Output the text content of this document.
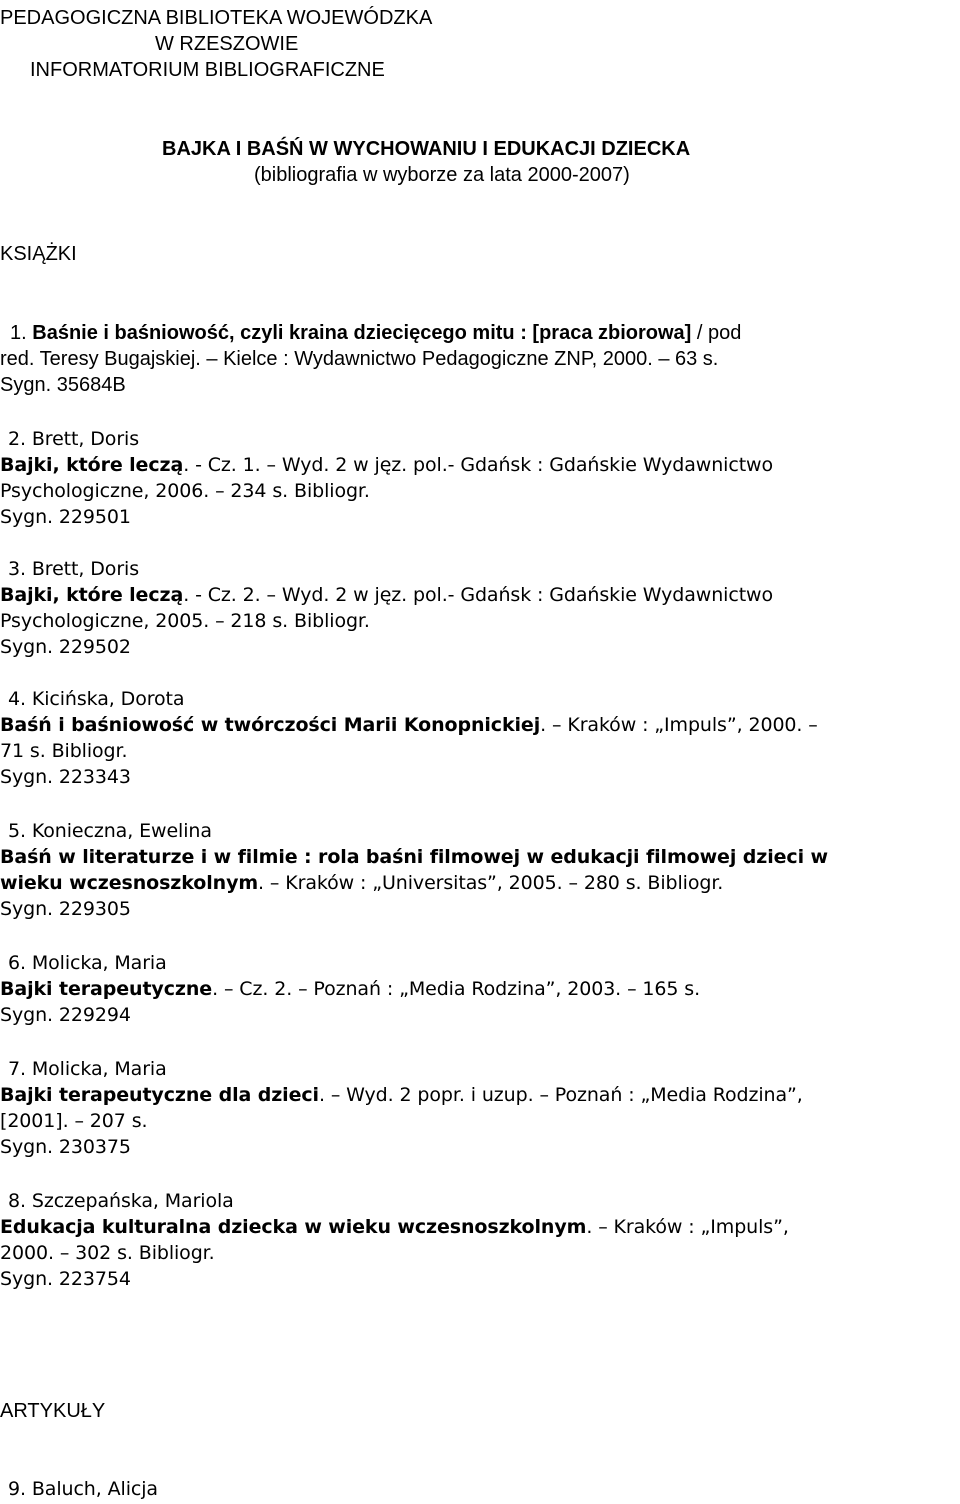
PEDAGOGICZNA BIBLIOTEKA WOJEWÓDZKA
W RZESZOWIE
INFORMATORIUM BIBLIOGRAFICZNE
BAJKA I BAŚŃ W WYCHOWANIU I EDUKACJI DZIECKA
(bibliografia w wyborze za lata 2000-2007)
KSIĄŻKI
1. Baśnie i baśniowość, czyli kraina dziecięcego mitu : [praca zbiorowa] / pod
red. Teresy Bugajskiej. – Kielce : Wydawnictwo Pedagogiczne ZNP, 2000. – 63 s.
Sygn. 35684B
2. Brett, Doris
Bajki, które leczą. - Cz. 1. – Wyd. 2 w jęz. pol.- Gdańsk : Gdańskie Wydawnictwo
Psychologiczne, 2006. – 234 s. Bibliogr.
Sygn. 229501
3. Brett, Doris
Bajki, które leczą. - Cz. 2. – Wyd. 2 w jęz. pol.- Gdańsk : Gdańskie Wydawnictwo
Psychologiczne, 2005. – 218 s. Bibliogr.
Sygn. 229502
4. Kicińska, Dorota
Baśń i baśniowość w twórczości Marii Konopnickiej. – Kraków : „Impuls”, 2000. –
71 s. Bibliogr.
Sygn. 223343
5. Konieczna, Ewelina
Baśń w literaturze i w filmie : rola baśni filmowej w edukacji filmowej dzieci w
wieku wczesnoszkolnym. – Kraków : „Universitas”, 2005. – 280 s. Bibliogr.
Sygn. 229305
6. Molicka, Maria
Bajki terapeutyczne. – Cz. 2. – Poznań : „Media Rodzina”, 2003. – 165 s.
Sygn. 229294
7. Molicka, Maria
Bajki terapeutyczne dla dzieci. – Wyd. 2 popr. i uzup. – Poznań : „Media Rodzina”,
[2001]. – 207 s.
Sygn. 230375
8. Szczepańska, Mariola
Edukacja kulturalna dziecka w wieku wczesnoszkolnym. – Kraków : „Impuls”,
2000. – 302 s. Bibliogr.
Sygn. 223754
ARTYKUŁY
9. Baluch, Alicja
